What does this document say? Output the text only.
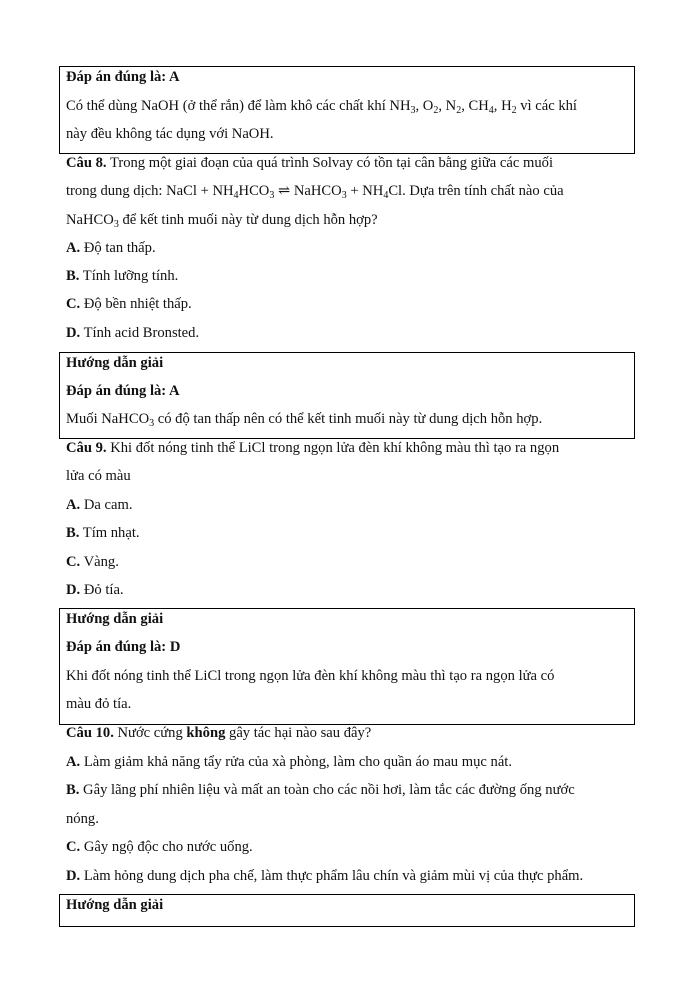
Đáp án đúng là: A
Có thể dùng NaOH (ở thể rắn) để làm khô các chất khí $NH_3$, $O_2$, $N_2$, $CH_4$, $H_2$ vì các khí
này đều không tác dụng với NaOH.
Câu 8. Trong một giai đoạn của quá trình Solvay có tồn tại cân bằng giữa các muối
trong dung dịch: NaCl + $NH_4HCO_3$ ⇌ NaHCO$_3$ + $NH_4Cl$. Dựa trên tính chất nào của
NaHCO$_3$ để kết tinh muối này từ dung dịch hỗn hợp?
A. Độ tan thấp.
B. Tính lưỡng tính.
C. Độ bền nhiệt thấp.
D. Tính acid Bronsted.
Hướng dẫn giải
Đáp án đúng là: A
Muối NaHCO$_3$ có độ tan thấp nên có thể kết tinh muối này từ dung dịch hỗn hợp.
Câu 9. Khi đốt nóng tinh thể LiCl trong ngọn lửa đèn khí không màu thì tạo ra ngọn
lửa có màu
A. Da cam.
B. Tím nhạt.
C. Vàng.
D. Đỏ tía.
Hướng dẫn giải
Đáp án đúng là: D
Khi đốt nóng tinh thể LiCl trong ngọn lửa đèn khí không màu thì tạo ra ngọn lửa có
màu đỏ tía.
Câu 10. Nước cứng không gây tác hại nào sau đây?
A. Làm giảm khả năng tẩy rửa của xà phòng, làm cho quần áo mau mục nát.
B. Gây lãng phí nhiên liệu và mất an toàn cho các nồi hơi, làm tắc các đường ống nước
nóng.
C. Gây ngộ độc cho nước uống.
D. Làm hỏng dung dịch pha chế, làm thực phẩm lâu chín và giảm mùi vị của thực phẩm.
Hướng dẫn giải
